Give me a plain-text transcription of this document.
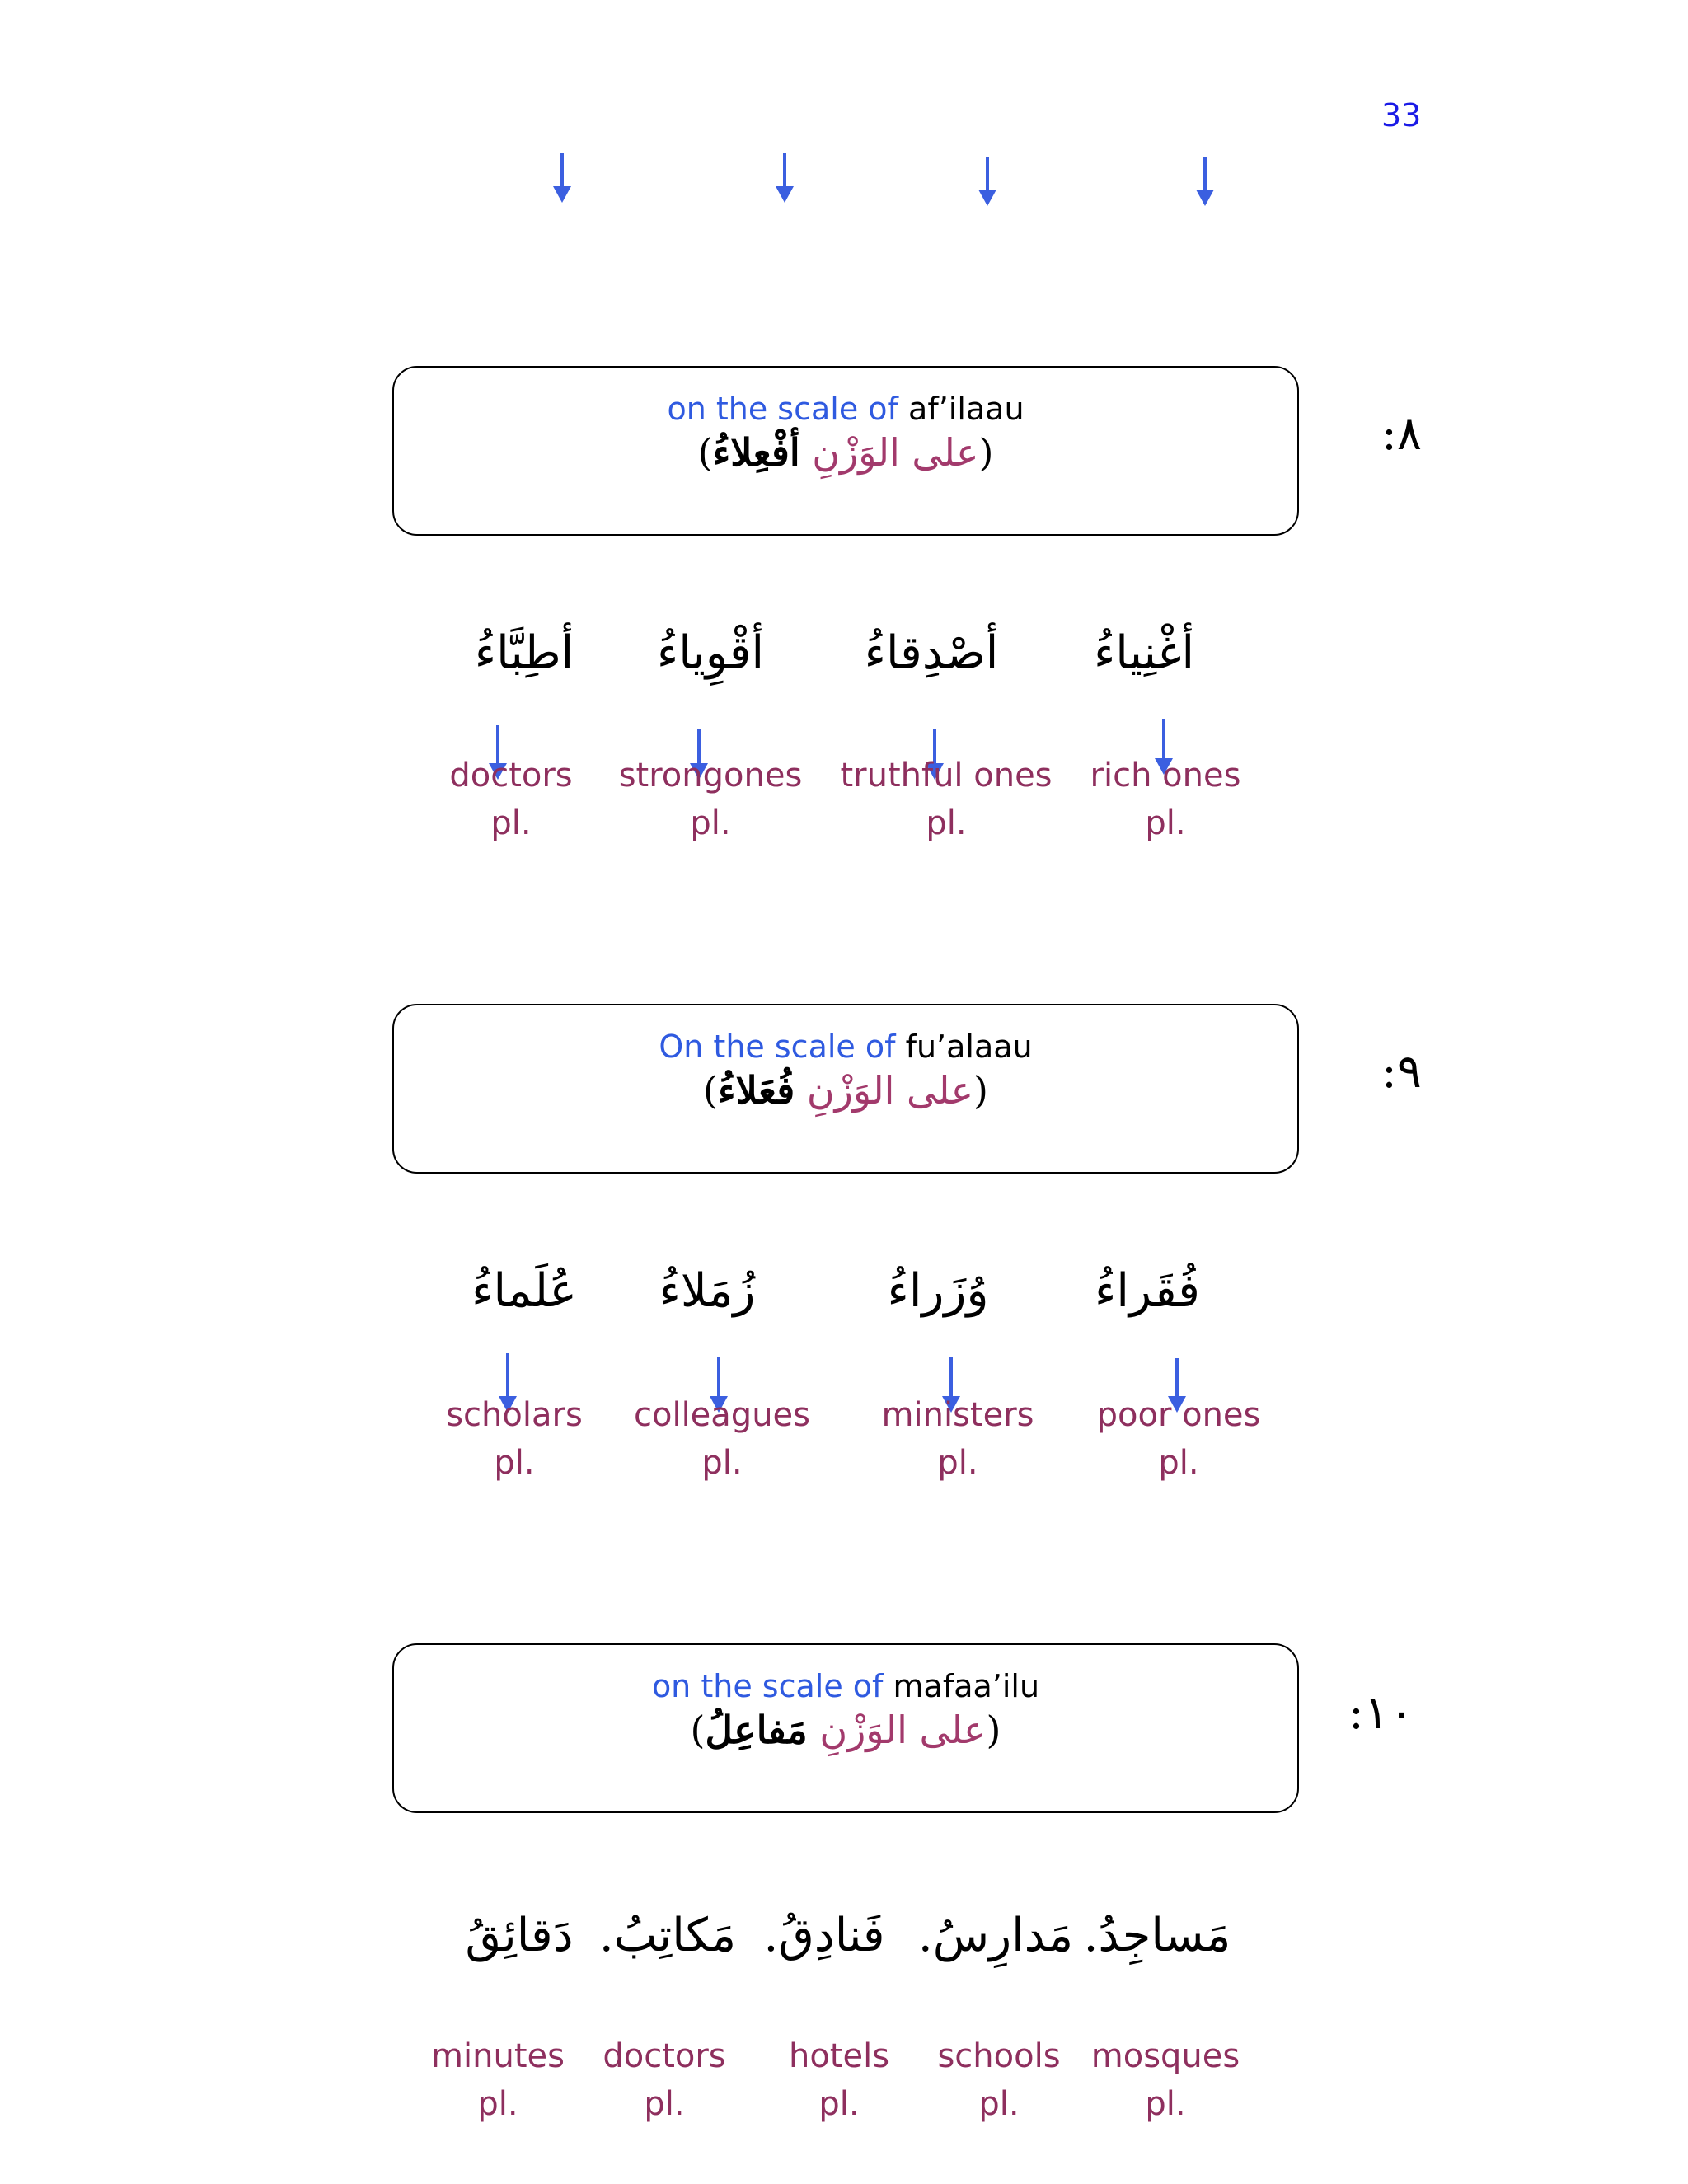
33
:٨
on the scale of af’ilaau
(على الوَزْنِ أفْعِلاءُ)
أغْنِياءُ
أصْدِقاءُ
أقْوِياءُ
أطِبَّاءُ
rich ones
pl.
truthful ones
pl.
strongones
pl.
doctors
pl.
:٩
On the scale of fu’alaau
(على الوَزْنِ فُعَلاءُ)
فُقَراءُ
وُزَراءُ
زُمَلاءُ
عُلَماءُ
poor ones
pl.
ministers
pl.
colleagues
pl.
scholars
pl.
:١٠
on the scale of mafaa’ilu
(على الوَزْنِ مَفاعِلُ)
مَساجِدُ.
مَدارِسُ.
فَنادِقُ.
مَكاتِبُ.
دَقائِقُ
mosques
pl.
schools
pl.
hotels
pl.
doctors
pl.
minutes
pl.
